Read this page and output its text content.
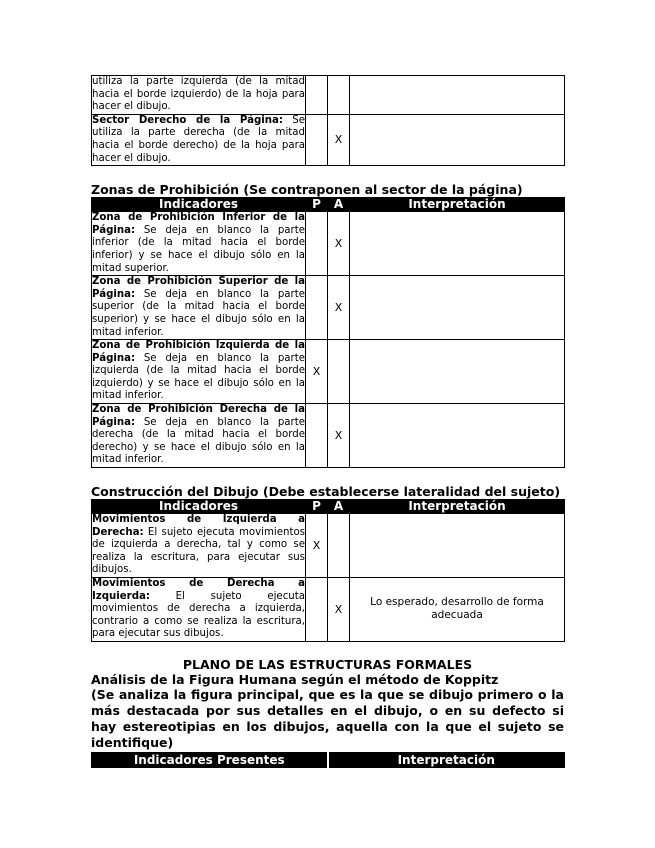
utiliza la parte izquierda (de la mitad hacia el borde izquierdo) de la hoja para hacer el dibujo.			
Sector Derecho de la Página: Se utiliza la parte derecha (de la mitad hacia el borde derecho) de la hoja para hacer el dibujo.		X	

Zonas de Prohibición (Se contraponen al sector de la página)

Indicadores	P	A	Interpretación
Zona de Prohibición Inferior de la Página: Se deja en blanco la parte inferior (de la mitad hacia el borde inferior) y se hace el dibujo sólo en la mitad superior.		X	
Zona de Prohibición Superior de la Página: Se deja en blanco la parte superior (de la mitad hacia el borde superior) y se hace el dibujo sólo en la mitad inferior.		X	
Zona de Prohibición Izquierda de la Página: Se deja en blanco la parte izquierda (de la mitad hacia el borde izquierdo) y se hace el dibujo sólo en la mitad inferior.	X		
Zona de Prohibición Derecha de la Página: Se deja en blanco la parte derecha (de la mitad hacia el borde derecho) y se hace el dibujo sólo en la mitad inferior.		X	

Construcción del Dibujo (Debe establecerse lateralidad del sujeto)

Indicadores	P	A	Interpretación
Movimientos de Izquierda a Derecha: El sujeto ejecuta movimientos de izquierda a derecha, tal y como se realiza la escritura, para ejecutar sus dibujos.	X		
Movimientos de Derecha a Izquierda: El sujeto ejecuta movimientos de derecha a izquierda, contrario a como se realiza la escritura, para ejecutar sus dibujos.		X	Lo esperado, desarrollo de forma adecuada

PLANO DE LAS ESTRUCTURAS FORMALES

Análisis de la Figura Humana según el método de Koppitz

(Se analiza la figura principal, que es la que se dibujo primero o la más destacada por sus detalles en el dibujo, o en su defecto si hay estereotipias en los dibujos, aquella con la que el sujeto se identifique)

Indicadores Presentes	Interpretación
